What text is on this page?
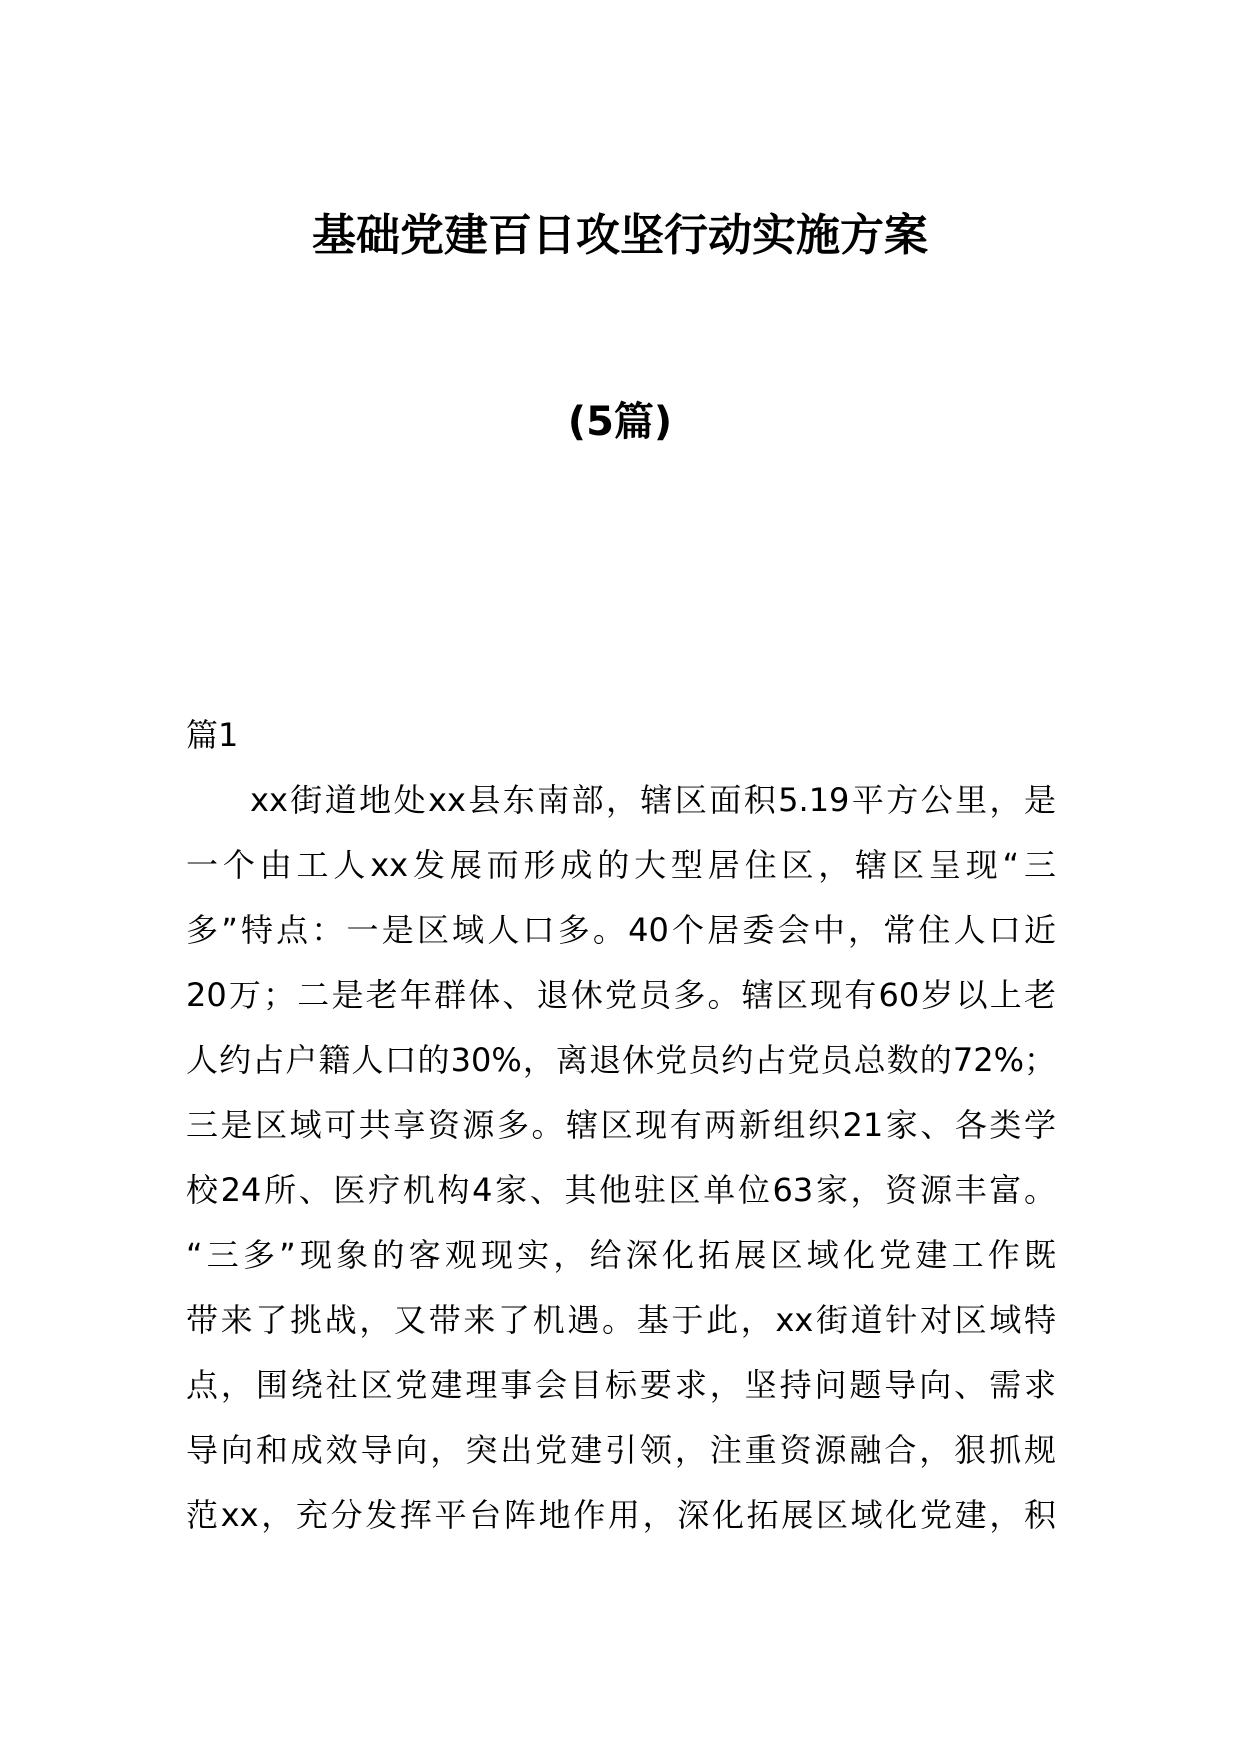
基础党建百日攻坚行动实施方案
(5篇)

篇1

xx街道地处xx县东南部，辖区面积5.19平方公里，是

一个由工人xx发展而形成的大型居住区，辖区呈现“三

多”特点：一是区域人口多。40个居委会中，常住人口近

20万；二是老年群体、退休党员多。辖区现有60岁以上老

人约占户籍人口的30%，离退休党员约占党员总数的72%；

三是区域可共享资源多。辖区现有两新组织21家、各类学

校24所、医疗机构4家、其他驻区单位63家，资源丰富。

“三多”现象的客观现实，给深化拓展区域化党建工作既

带来了挑战，又带来了机遇。基于此，xx街道针对区域特

点，围绕社区党建理事会目标要求，坚持问题导向、需求

导向和成效导向，突出党建引领，注重资源融合，狠抓规

范xx，充分发挥平台阵地作用，深化拓展区域化党建，积
